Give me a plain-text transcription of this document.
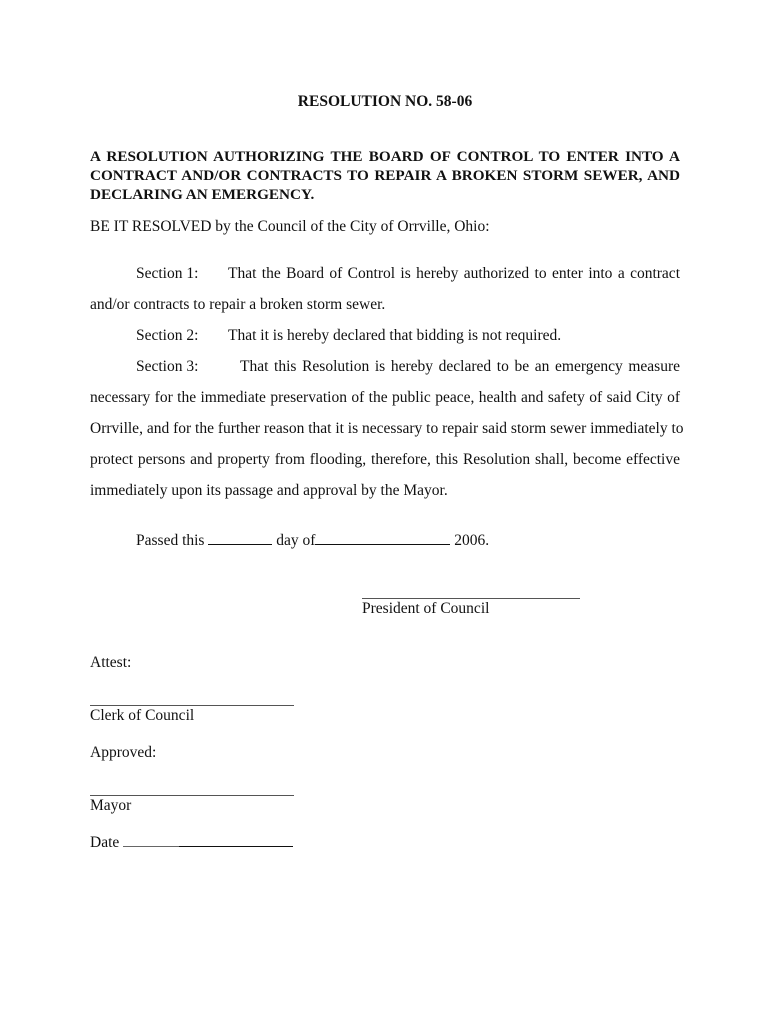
RESOLUTION NO. 58-06
A RESOLUTION AUTHORIZING THE BOARD OF CONTROL TO ENTER INTO A
CONTRACT AND/OR CONTRACTS TO REPAIR A BROKEN STORM SEWER, AND
DECLARING AN EMERGENCY.
BE IT RESOLVED by the Council of the City of Orrville, Ohio:
Section 1: That the Board of Control is hereby authorized to enter into a contract
and/or contracts to repair a broken storm sewer.
Section 2: That it is hereby declared that bidding is not required.
Section 3:	That this Resolution is hereby declared to be an emergency measure
necessary for the immediate preservation of the public peace, health and safety of said City of
Orrville, and for the further reason that it is necessary to repair said storm sewer immediately to
protect persons and property from flooding, therefore, this Resolution shall, become effective
immediately upon its passage and approval by the Mayor.
Passed this	day of	2006.
President of Council
Attest:
Clerk of Council
Approved:
Mayor
Date
